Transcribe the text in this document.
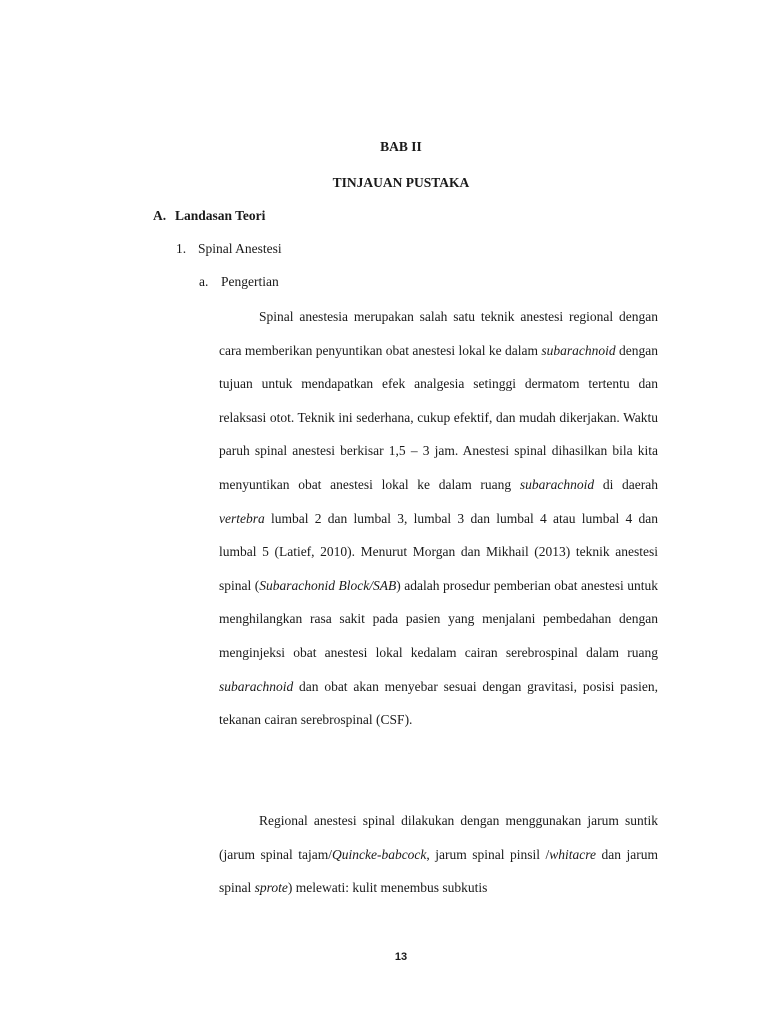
BAB II
TINJAUAN PUSTAKA
A. Landasan Teori
1. Spinal Anestesi
a. Pengertian

Spinal anestesia merupakan salah satu teknik anestesi regional dengan cara memberikan penyuntikan obat anestesi lokal ke dalam subarachnoid dengan tujuan untuk mendapatkan efek analgesia setinggi dermatom tertentu dan relaksasi otot. Teknik ini sederhana, cukup efektif, dan mudah dikerjakan. Waktu paruh spinal anestesi berkisar 1,5 – 3 jam. Anestesi spinal dihasilkan bila kita menyuntikan obat anestesi lokal ke dalam ruang subarachnoid di daerah vertebra lumbal 2 dan lumbal 3, lumbal 3 dan lumbal 4 atau lumbal 4 dan lumbal 5 (Latief, 2010). Menurut Morgan dan Mikhail (2013) teknik anestesi spinal (Subarachonid Block/SAB) adalah prosedur pemberian obat anestesi untuk menghilangkan rasa sakit pada pasien yang menjalani pembedahan dengan menginjeksi obat anestesi lokal kedalam cairan serebrospinal dalam ruang subarachnoid dan obat akan menyebar sesuai dengan gravitasi, posisi pasien, tekanan cairan serebrospinal (CSF).

Regional anestesi spinal dilakukan dengan menggunakan jarum suntik (jarum spinal tajam/Quincke-babcock, jarum spinal pinsil /whitacre dan jarum spinal sprote) melewati: kulit menembus subkutis

13
